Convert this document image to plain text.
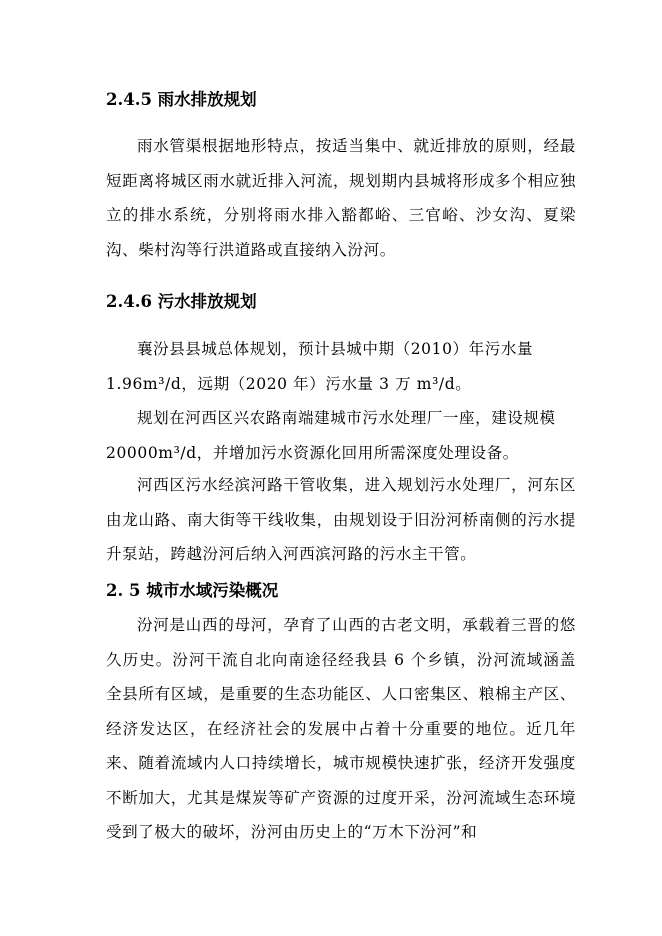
2.4.5 雨水排放规划

雨水管渠根据地形特点，按适当集中、就近排放的原则，经最短距离将城区雨水就近排入河流，规划期内县城将形成多个相应独立的排水系统，分别将雨水排入豁都峪、三官峪、沙女沟、夏梁沟、柴村沟等行洪道路或直接纳入汾河。

2.4.6 污水排放规划
襄汾县县城总体规划，预计县城中期（2010）年污水量
1.96m³/d，远期（2020 年）污水量 3 万 m³/d。
规划在河西区兴农路南端建城市污水处理厂一座，建设规模
20000m³/d，并增加污水资源化回用所需深度处理设备。

河西区污水经滨河路干管收集，进入规划污水处理厂，河东区由龙山路、南大街等干线收集，由规划设于旧汾河桥南侧的污水提升泵站，跨越汾河后纳入河西滨河路的污水主干管。

2. 5 城市水域污染概况

汾河是山西的母河，孕育了山西的古老文明，承载着三晋的悠久历史。汾河干流自北向南途径经我县 6 个乡镇，汾河流域涵盖全县所有区域，是重要的生态功能区、人口密集区、粮棉主产区、经济发达区，在经济社会的发展中占着十分重要的地位。近几年来、随着流域内人口持续增长，城市规模快速扩张，经济开发强度不断加大，尤其是煤炭等矿产资源的过度开采，汾河流域生态环境受到了极大的破坏，汾河由历史上的“万木下汾河”和
